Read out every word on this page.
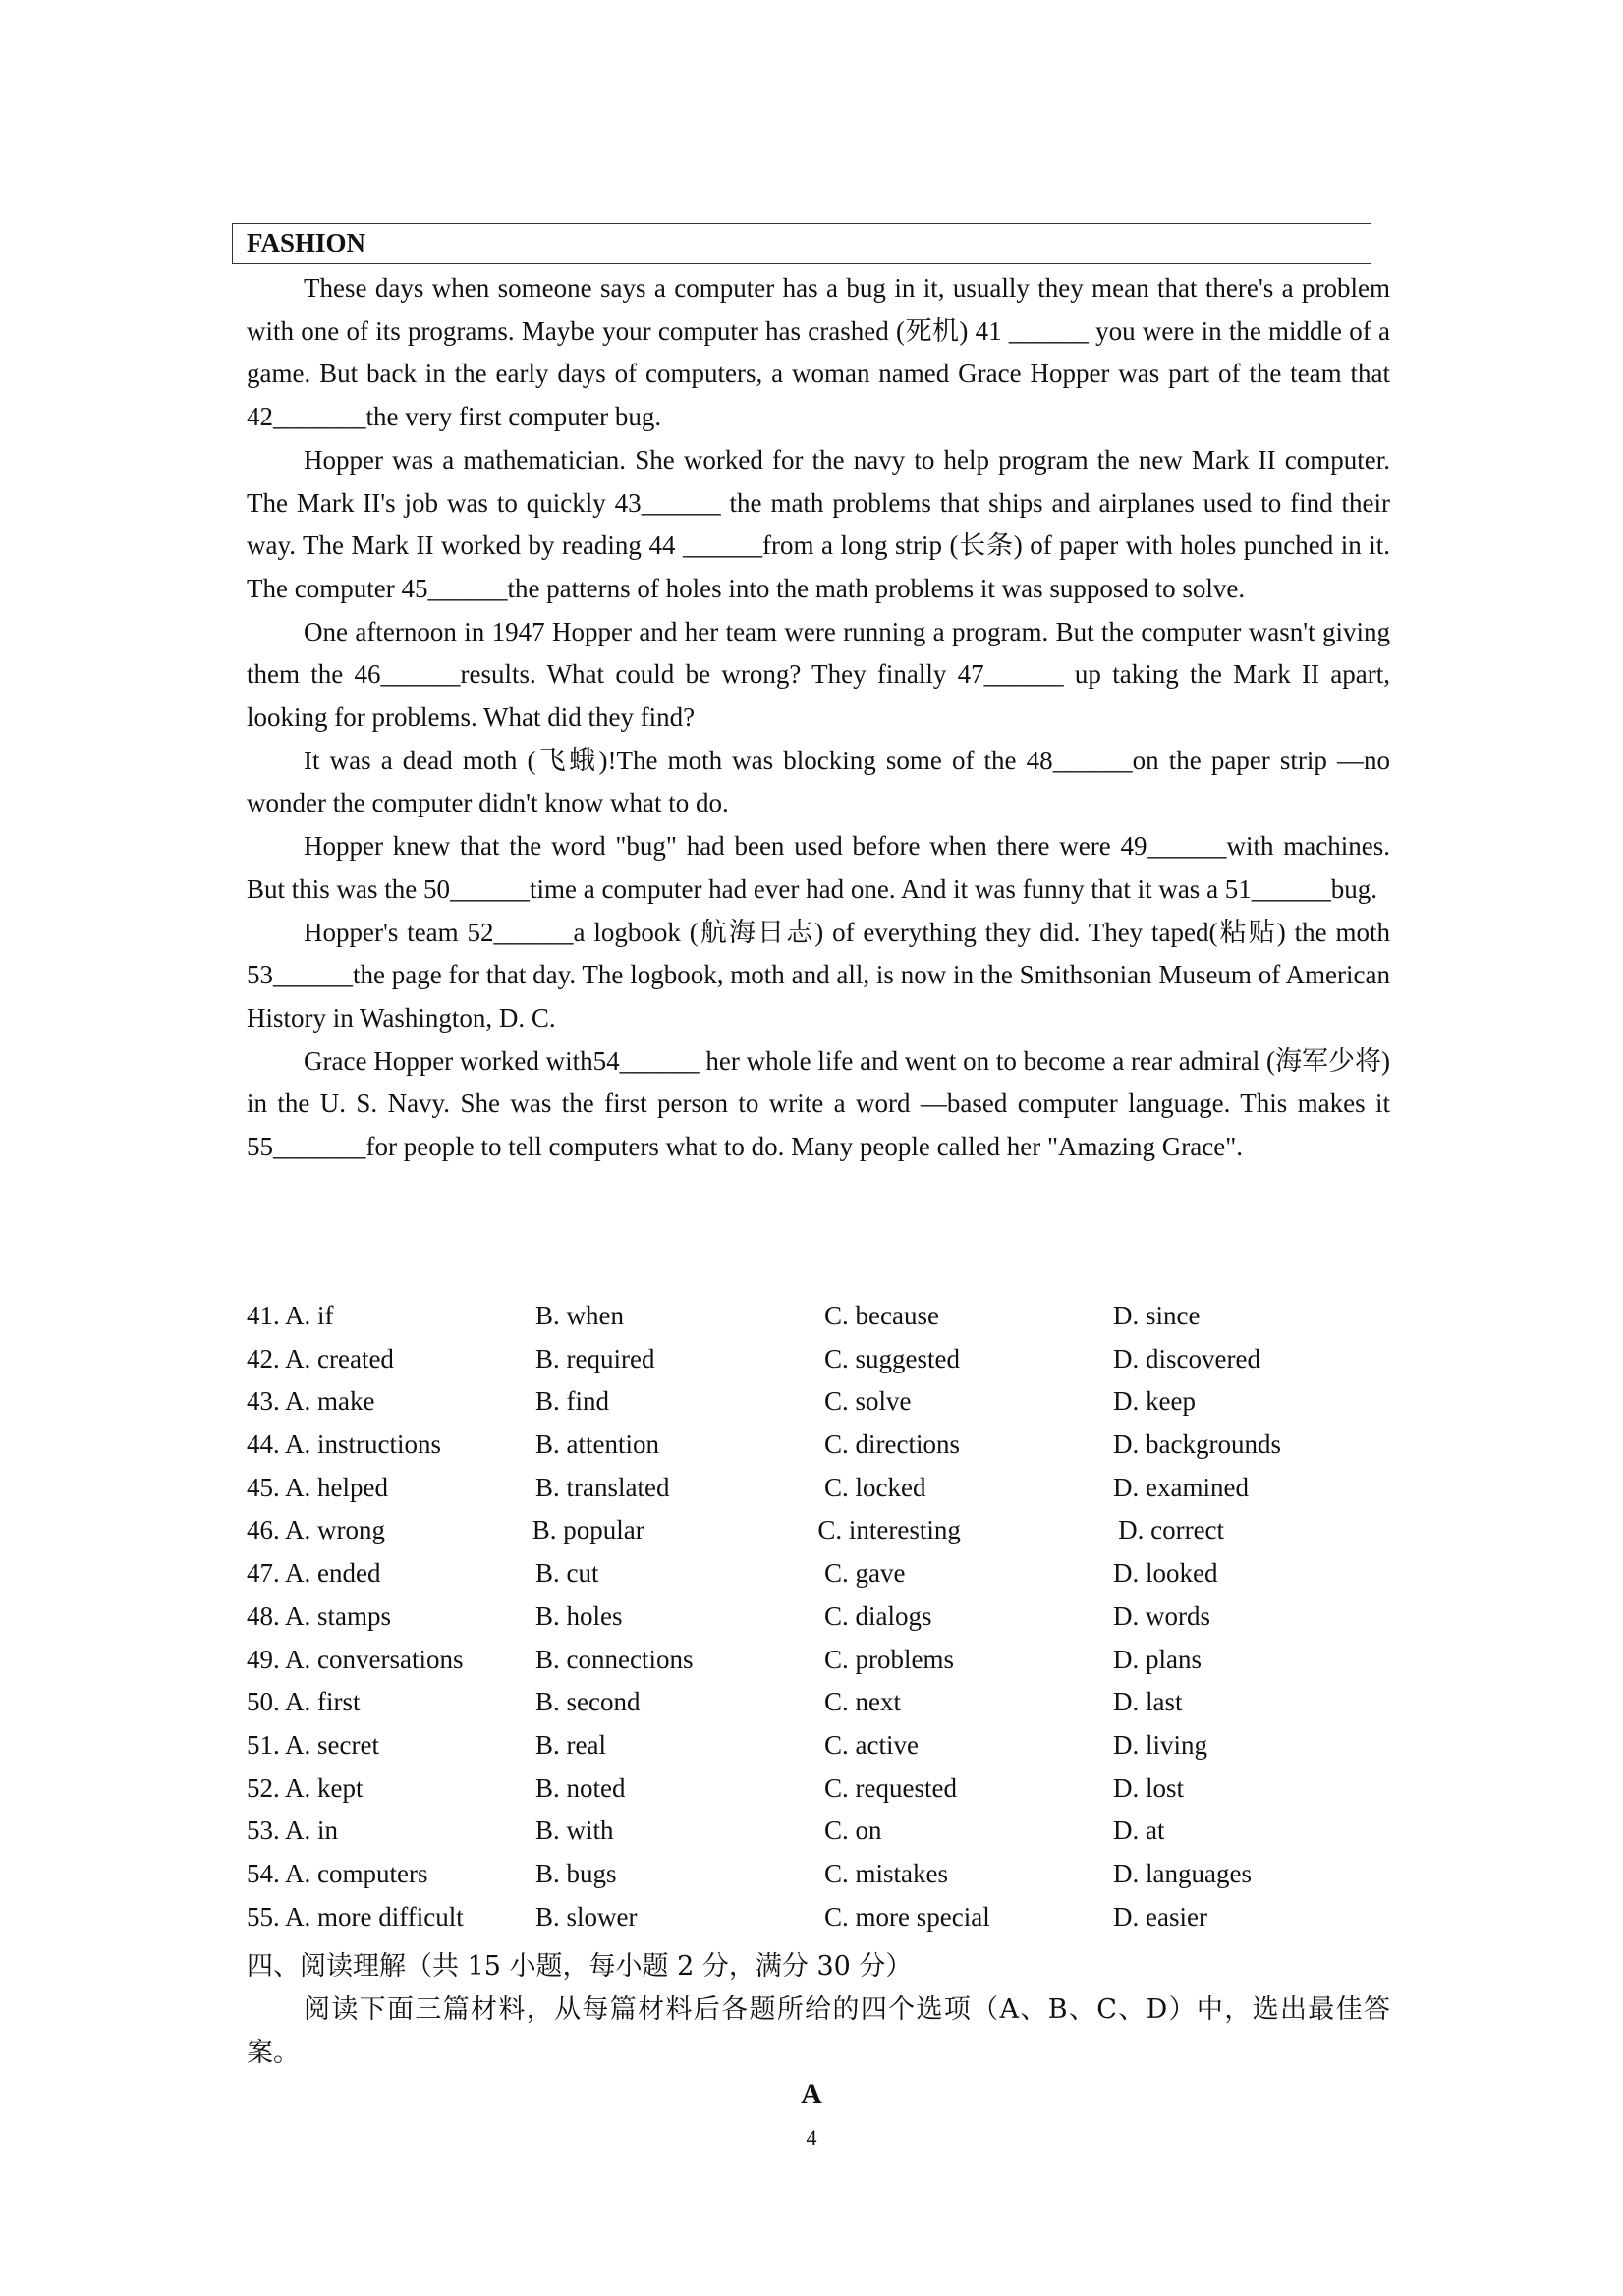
FASHION

These days when someone says a computer has a bug in it, usually they mean that there's a problem with one of its programs. Maybe your computer has crashed (死机) 41 ______ you were in the middle of a game. But back in the early days of computers, a woman named Grace Hopper was part of the team that 42_______the very first computer bug.

Hopper was a mathematician. She worked for the navy to help program the new Mark II computer. The Mark II's job was to quickly 43______ the math problems that ships and airplanes used to find their way. The Mark II worked by reading 44 ______from a long strip (长条) of paper with holes punched in it. The computer 45______the patterns of holes into the math problems it was supposed to solve.

One afternoon in 1947 Hopper and her team were running a program. But the computer wasn't giving them the 46______results. What could be wrong? They finally 47______ up taking the Mark II apart, looking for problems. What did they find?

It was a dead moth (飞蛾)!The moth was blocking some of the 48______on the paper strip —no wonder the computer didn't know what to do.

Hopper knew that the word "bug" had been used before when there were 49______with machines. But this was the 50______time a computer had ever had one. And it was funny that it was a 51______bug.

Hopper's team 52______a logbook (航海日志) of everything they did. They taped(粘贴) the moth 53______the page for that day. The logbook, moth and all, is now in the Smithsonian Museum of American History in Washington, D. C.

Grace Hopper worked with54______ her whole life and went on to become a rear admiral (海军少将) in the U. S. Navy. She was the first person to write a word —based computer language. This makes it 55_______for people to tell computers what to do. Many people called her "Amazing Grace".

41. A. if	B. when	C. because	D. since
42. A. created	B. required	C. suggested	D. discovered
43. A. make	B. find	C. solve	D. keep
44. A. instructions	B. attention	C. directions	D. backgrounds
45. A. helped	B. translated	C. locked	D. examined
46. A. wrong	B. popular	C. interesting	D. correct
47. A. ended	B. cut	C. gave	D. looked
48. A. stamps	B. holes	C. dialogs	D. words
49. A. conversations	B. connections	C. problems	D. plans
50. A. first	B. second	C. next	D. last
51. A. secret	B. real	C. active	D. living
52. A. kept	B. noted	C. requested	D. lost
53. A. in	B. with	C. on	D. at
54. A. computers	B. bugs	C. mistakes	D. languages
55. A. more difficult	B. slower	C. more special	D. easier
四、阅读理解（共 15 小题，每小题 2 分，满分 30 分）
阅读下面三篇材料，从每篇材料后各题所给的四个选项（A、B、C、D）中，选出最佳答案。
A
4
